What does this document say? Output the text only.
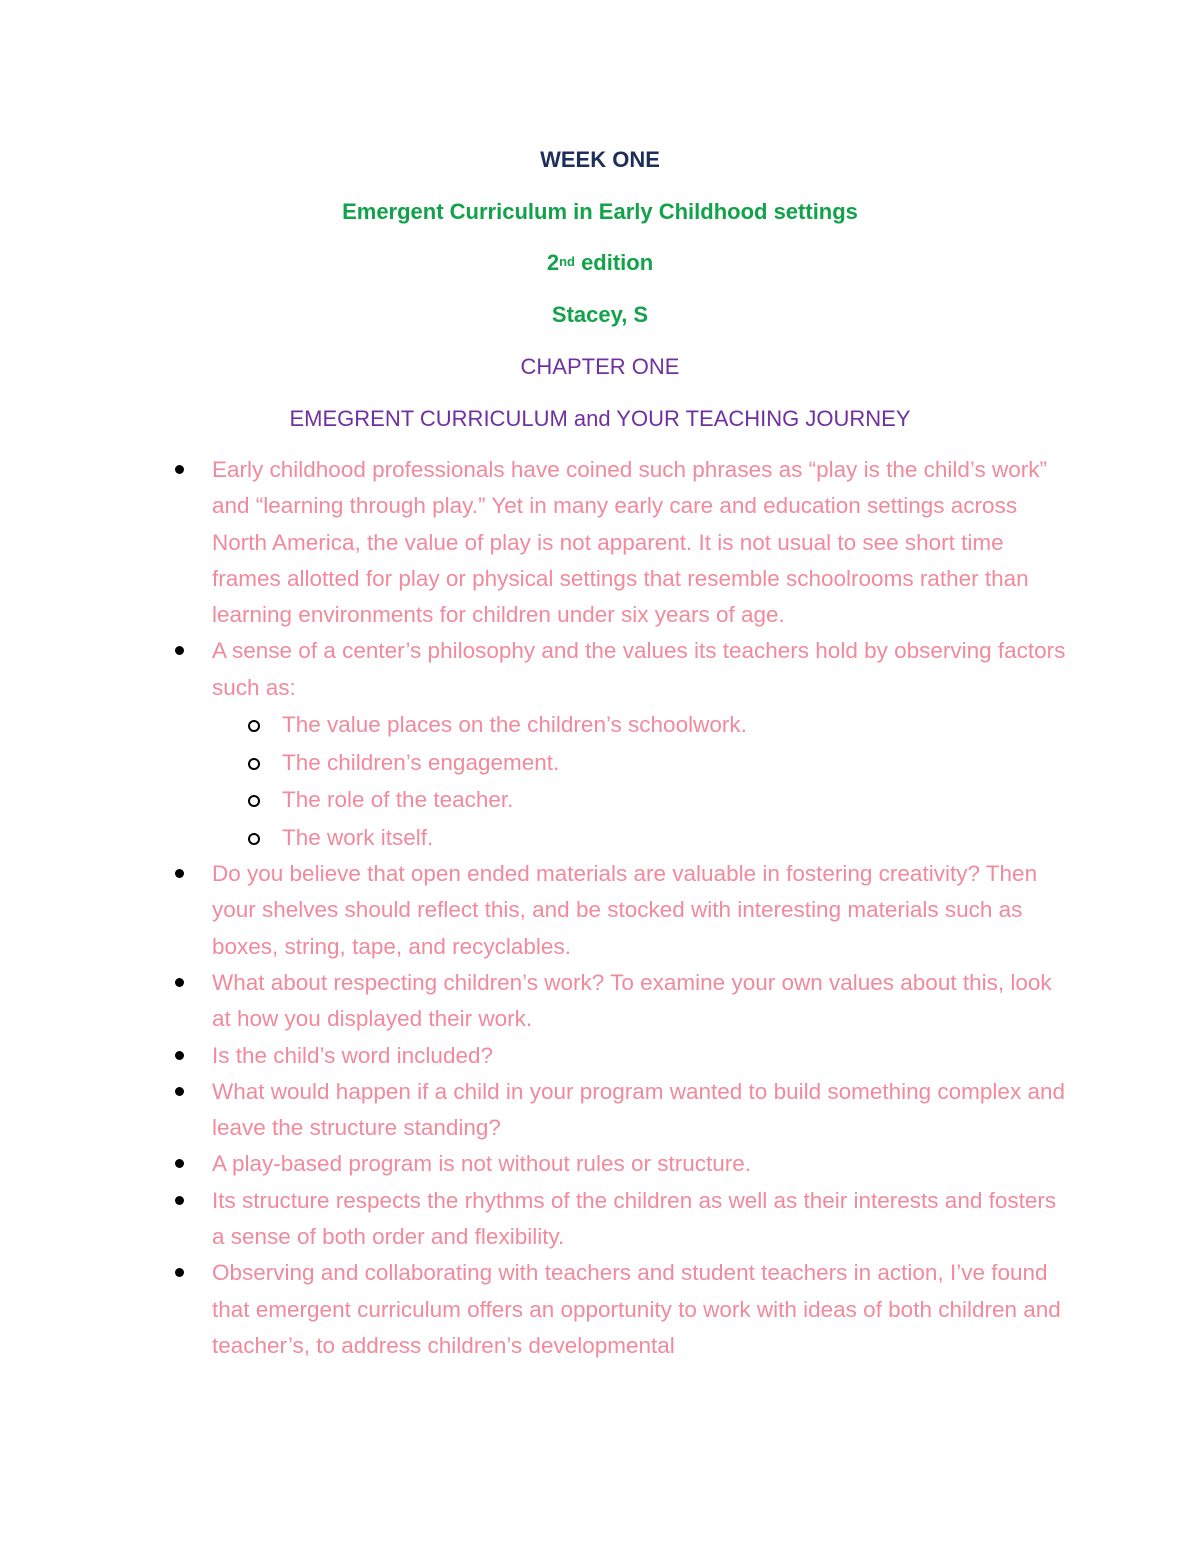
WEEK ONE
Emergent Curriculum in Early Childhood settings
2nd edition
Stacey, S
CHAPTER ONE
EMEGRENT CURRICULUM and YOUR TEACHING JOURNEY
Early childhood professionals have coined such phrases as “play is the child’s work” and “learning through play.” Yet in many early care and education settings across North America, the value of play is not apparent. It is not usual to see short time frames allotted for play or physical settings that resemble schoolrooms rather than learning environments for children under six years of age.
A sense of a center’s philosophy and the values its teachers hold by observing factors such as:
The value places on the children’s schoolwork.
The children’s engagement.
The role of the teacher.
The work itself.
Do you believe that open ended materials are valuable in fostering creativity? Then your shelves should reflect this, and be stocked with interesting materials such as boxes, string, tape, and recyclables.
What about respecting children’s work? To examine your own values about this, look at how you displayed their work.
Is the child’s word included?
What would happen if a child in your program wanted to build something complex and leave the structure standing?
A play-based program is not without rules or structure.
Its structure respects the rhythms of the children as well as their interests and fosters a sense of both order and flexibility.
Observing and collaborating with teachers and student teachers in action, I’ve found that emergent curriculum offers an opportunity to work with ideas of both children and teacher’s, to address children’s developmental
